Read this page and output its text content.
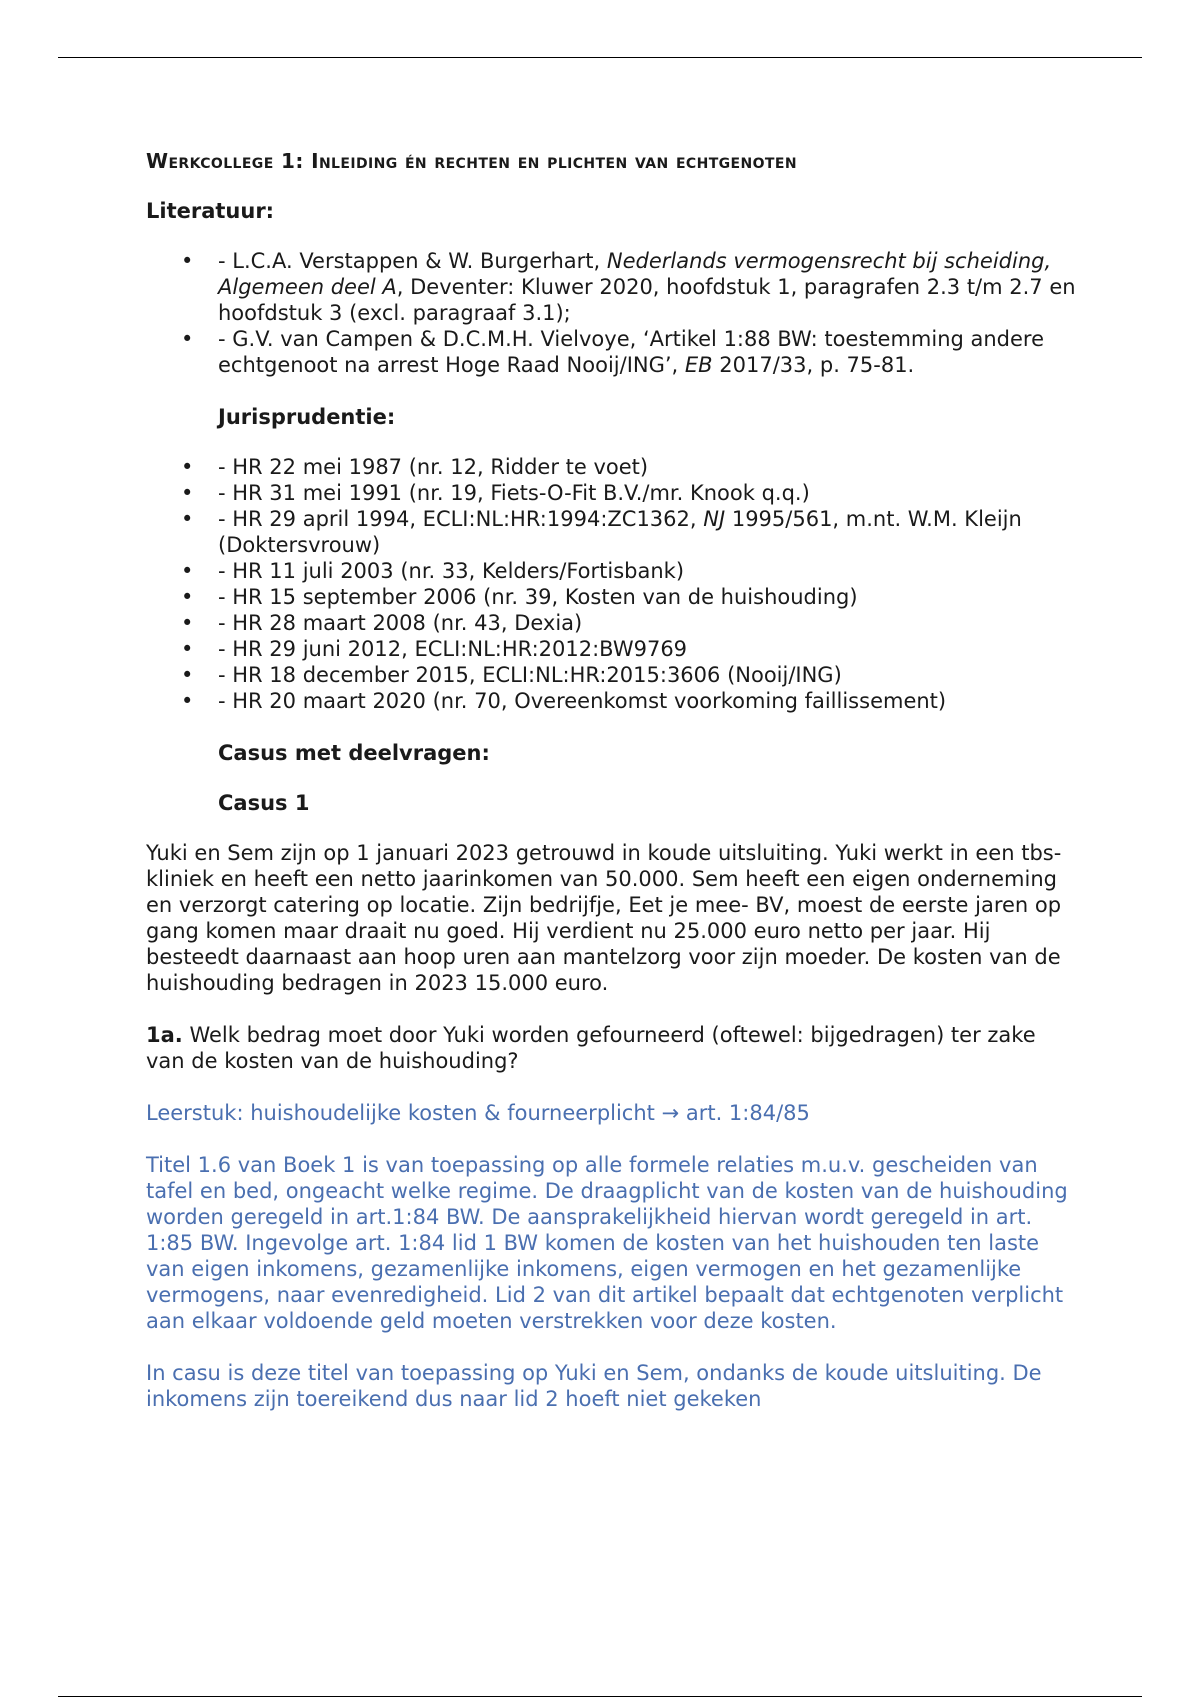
Werkcollege 1: Inleiding én rechten en plichten van echtgenoten
Literatuur:
• - L.C.A. Verstappen & W. Burgerhart, Nederlands vermogensrecht bij scheiding, Algemeen deel A, Deventer: Kluwer 2020, hoofdstuk 1, paragrafen 2.3 t/m 2.7 en hoofdstuk 3 (excl. paragraaf 3.1);
• - G.V. van Campen & D.C.M.H. Vielvoye, ‘Artikel 1:88 BW: toestemming andere echtgenoot na arrest Hoge Raad Nooij/ING’, EB 2017/33, p. 75-81.
Jurisprudentie:
• - HR 22 mei 1987 (nr. 12, Ridder te voet)
• - HR 31 mei 1991 (nr. 19, Fiets-O-Fit B.V./mr. Knook q.q.)
• - HR 29 april 1994, ECLI:NL:HR:1994:ZC1362, NJ 1995/561, m.nt. W.M. Kleijn (Doktersvrouw)
• - HR 11 juli 2003 (nr. 33, Kelders/Fortisbank)
• - HR 15 september 2006 (nr. 39, Kosten van de huishouding)
• - HR 28 maart 2008 (nr. 43, Dexia)
• - HR 29 juni 2012, ECLI:NL:HR:2012:BW9769
• - HR 18 december 2015, ECLI:NL:HR:2015:3606 (Nooij/ING)
• - HR 20 maart 2020 (nr. 70, Overeenkomst voorkoming faillissement)
Casus met deelvragen:
Casus 1
Yuki en Sem zijn op 1 januari 2023 getrouwd in koude uitsluiting. Yuki werkt in een tbs-kliniek en heeft een netto jaarinkomen van 50.000. Sem heeft een eigen onderneming en verzorgt catering op locatie. Zijn bedrijfje, Eet je mee- BV, moest de eerste jaren op gang komen maar draait nu goed. Hij verdient nu 25.000 euro netto per jaar. Hij besteedt daarnaast aan hoop uren aan mantelzorg voor zijn moeder. De kosten van de huishouding bedragen in 2023 15.000 euro.
1a. Welk bedrag moet door Yuki worden gefourneerd (oftewel: bijgedragen) ter zake van de kosten van de huishouding?
Leerstuk: huishoudelijke kosten & fourneerplicht → art. 1:84/85
Titel 1.6 van Boek 1 is van toepassing op alle formele relaties m.u.v. gescheiden van tafel en bed, ongeacht welke regime. De draagplicht van de kosten van de huishouding worden geregeld in art.1:84 BW. De aansprakelijkheid hiervan wordt geregeld in art. 1:85 BW. Ingevolge art. 1:84 lid 1 BW komen de kosten van het huishouden ten laste van eigen inkomens, gezamenlijke inkomens, eigen vermogen en het gezamenlijke vermogens, naar evenredigheid. Lid 2 van dit artikel bepaalt dat echtgenoten verplicht aan elkaar voldoende geld moeten verstrekken voor deze kosten.
In casu is deze titel van toepassing op Yuki en Sem, ondanks de koude uitsluiting. De inkomens zijn toereikend dus naar lid 2 hoeft niet gekeken
